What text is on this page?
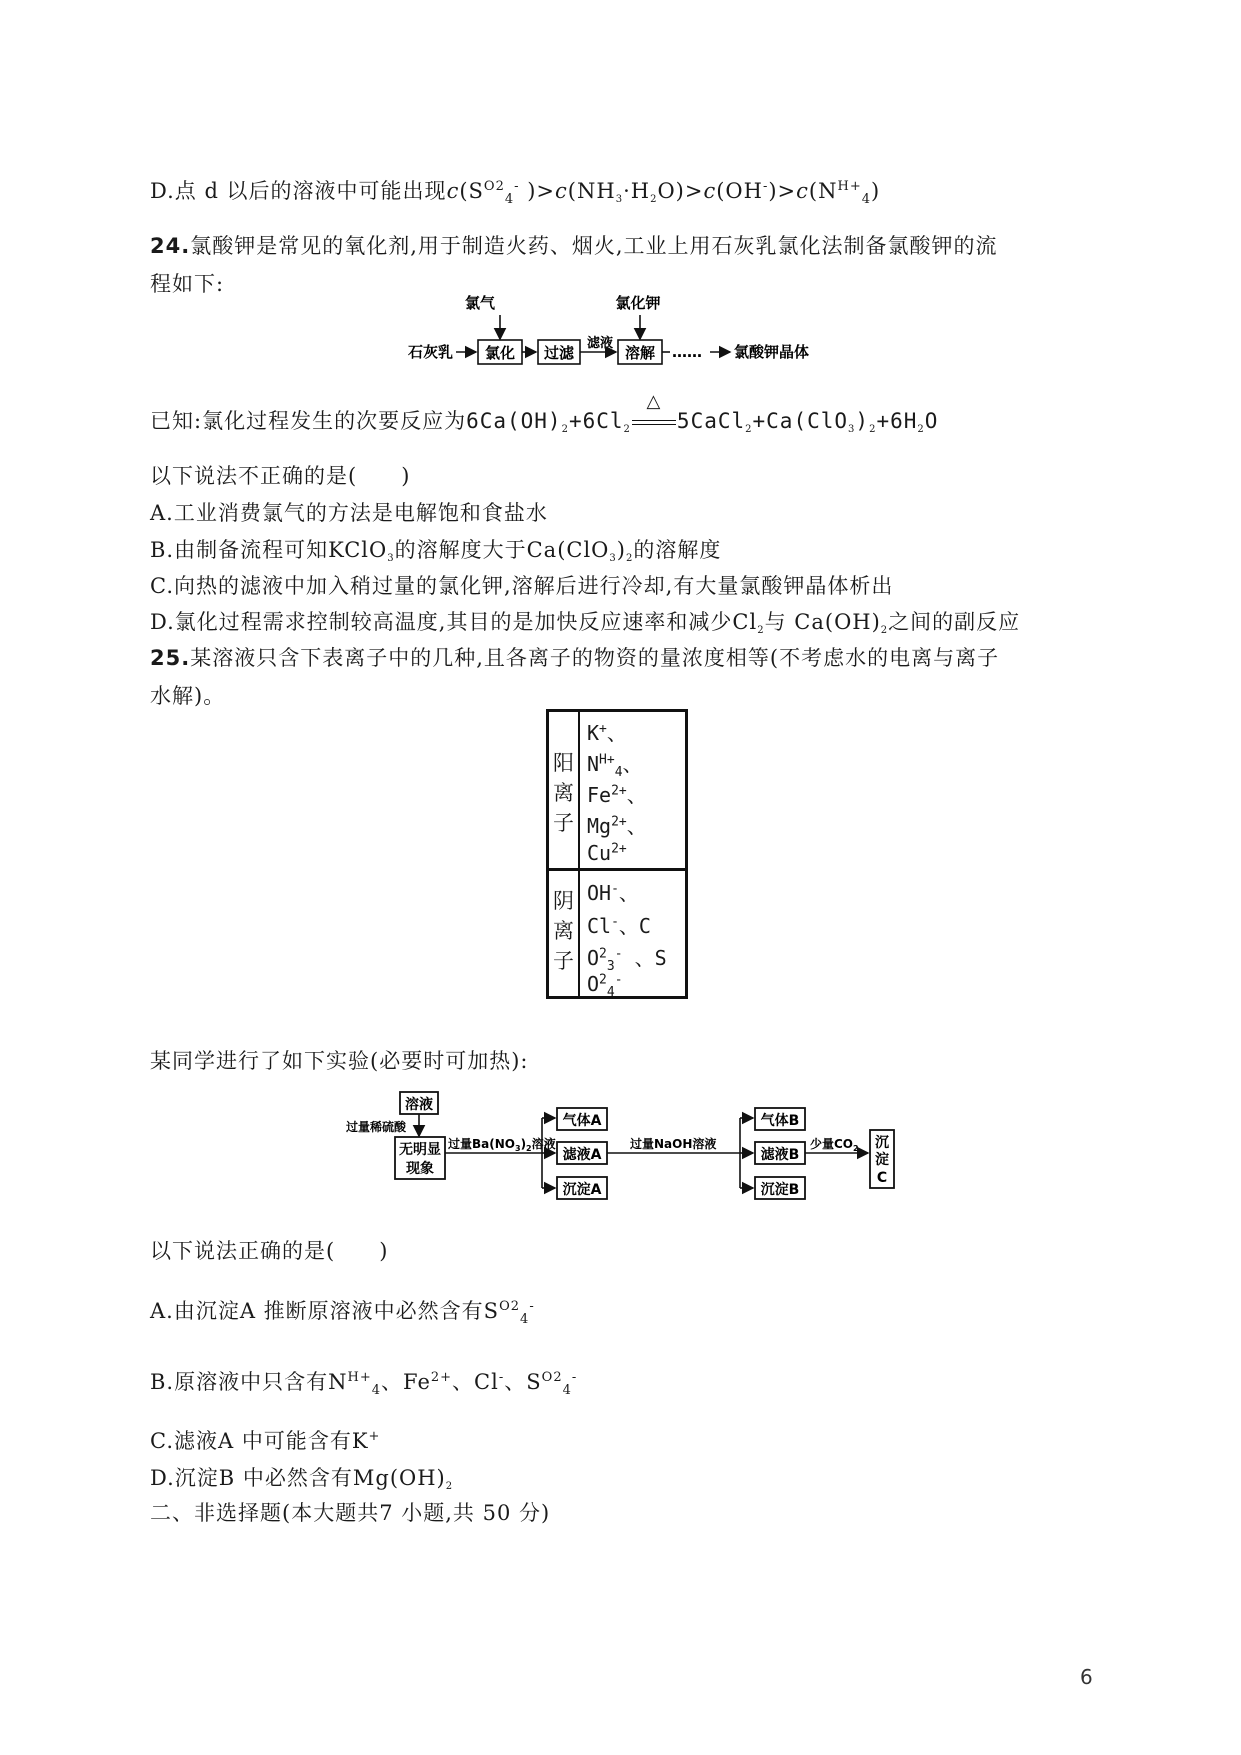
D.点 d 以后的溶液中可能出现$c(S^{O2}_4^-$ )$>c(NH_3\cdot H_2O)>c(OH^-)>c(N^{H+}_4)$
24.氯酸钾是常见的氧化剂,用于制造火药、烟火,工业上用石灰乳氯化法制备氯酸钾的流
程如下:
氯气	氯化钾
石灰乳 氯化 过滤
滤液
溶解 …… 氯酸钾晶体
已知:氯化过程发生的次要反应为$6Ca(OH)_2+6Cl_2$
△
$5CaCl_2+Ca(ClO_3)_2+6H_2O$
以下说法不正确的是(　　)
A.工业消费氯气的方法是电解饱和食盐水
B.由制备流程可知KClO$_3$的溶解度大于$Ca(ClO_3)_2$的溶解度
C.向热的滤液中加入稍过量的氯化钾,溶解后进行冷却,有大量氯酸钾晶体析出
D.氯化过程需求控制较高温度,其目的是加快反应速率和减少$Cl_2$与 $Ca(OH)_2$之间的副反应
25.某溶液只含下表离子中的几种,且各离子的物资的量浓度相等(不考虑水的电离与离子
水解)。
阳
离
子
阴
离
子
K+、
$N^{H+}_4$、
$Fe^{2+}$、
$Mg^{2+}$、
$Cu^{2+}$
OH-、
Cl-、C
$O^2_3^-$ 、S
$O^2_4^-$
某同学进行了如下实验(必要时可加热):
溶液
过量稀硫酸
无明显
现象
过量$Ba(NO_3)_2$溶液
气体A
滤液A
沉淀A
过量NaOH溶液
气体B
滤液B
沉淀B
少量$CO_2$ 沉
淀
C
以下说法正确的是(　　)
A.由沉淀A 推断原溶液中必然含有$S^{O2}_4^-$
B.原溶液中只含有$N^{H+}_4$、$Fe^{2+}$、Cl-、$S^{O2}_4^-$
C.滤液A 中可能含有K+
D.沉淀B 中必然含有$Mg(OH)_2$
二、非选择题(本大题共7 小题,共 50 分)
6
